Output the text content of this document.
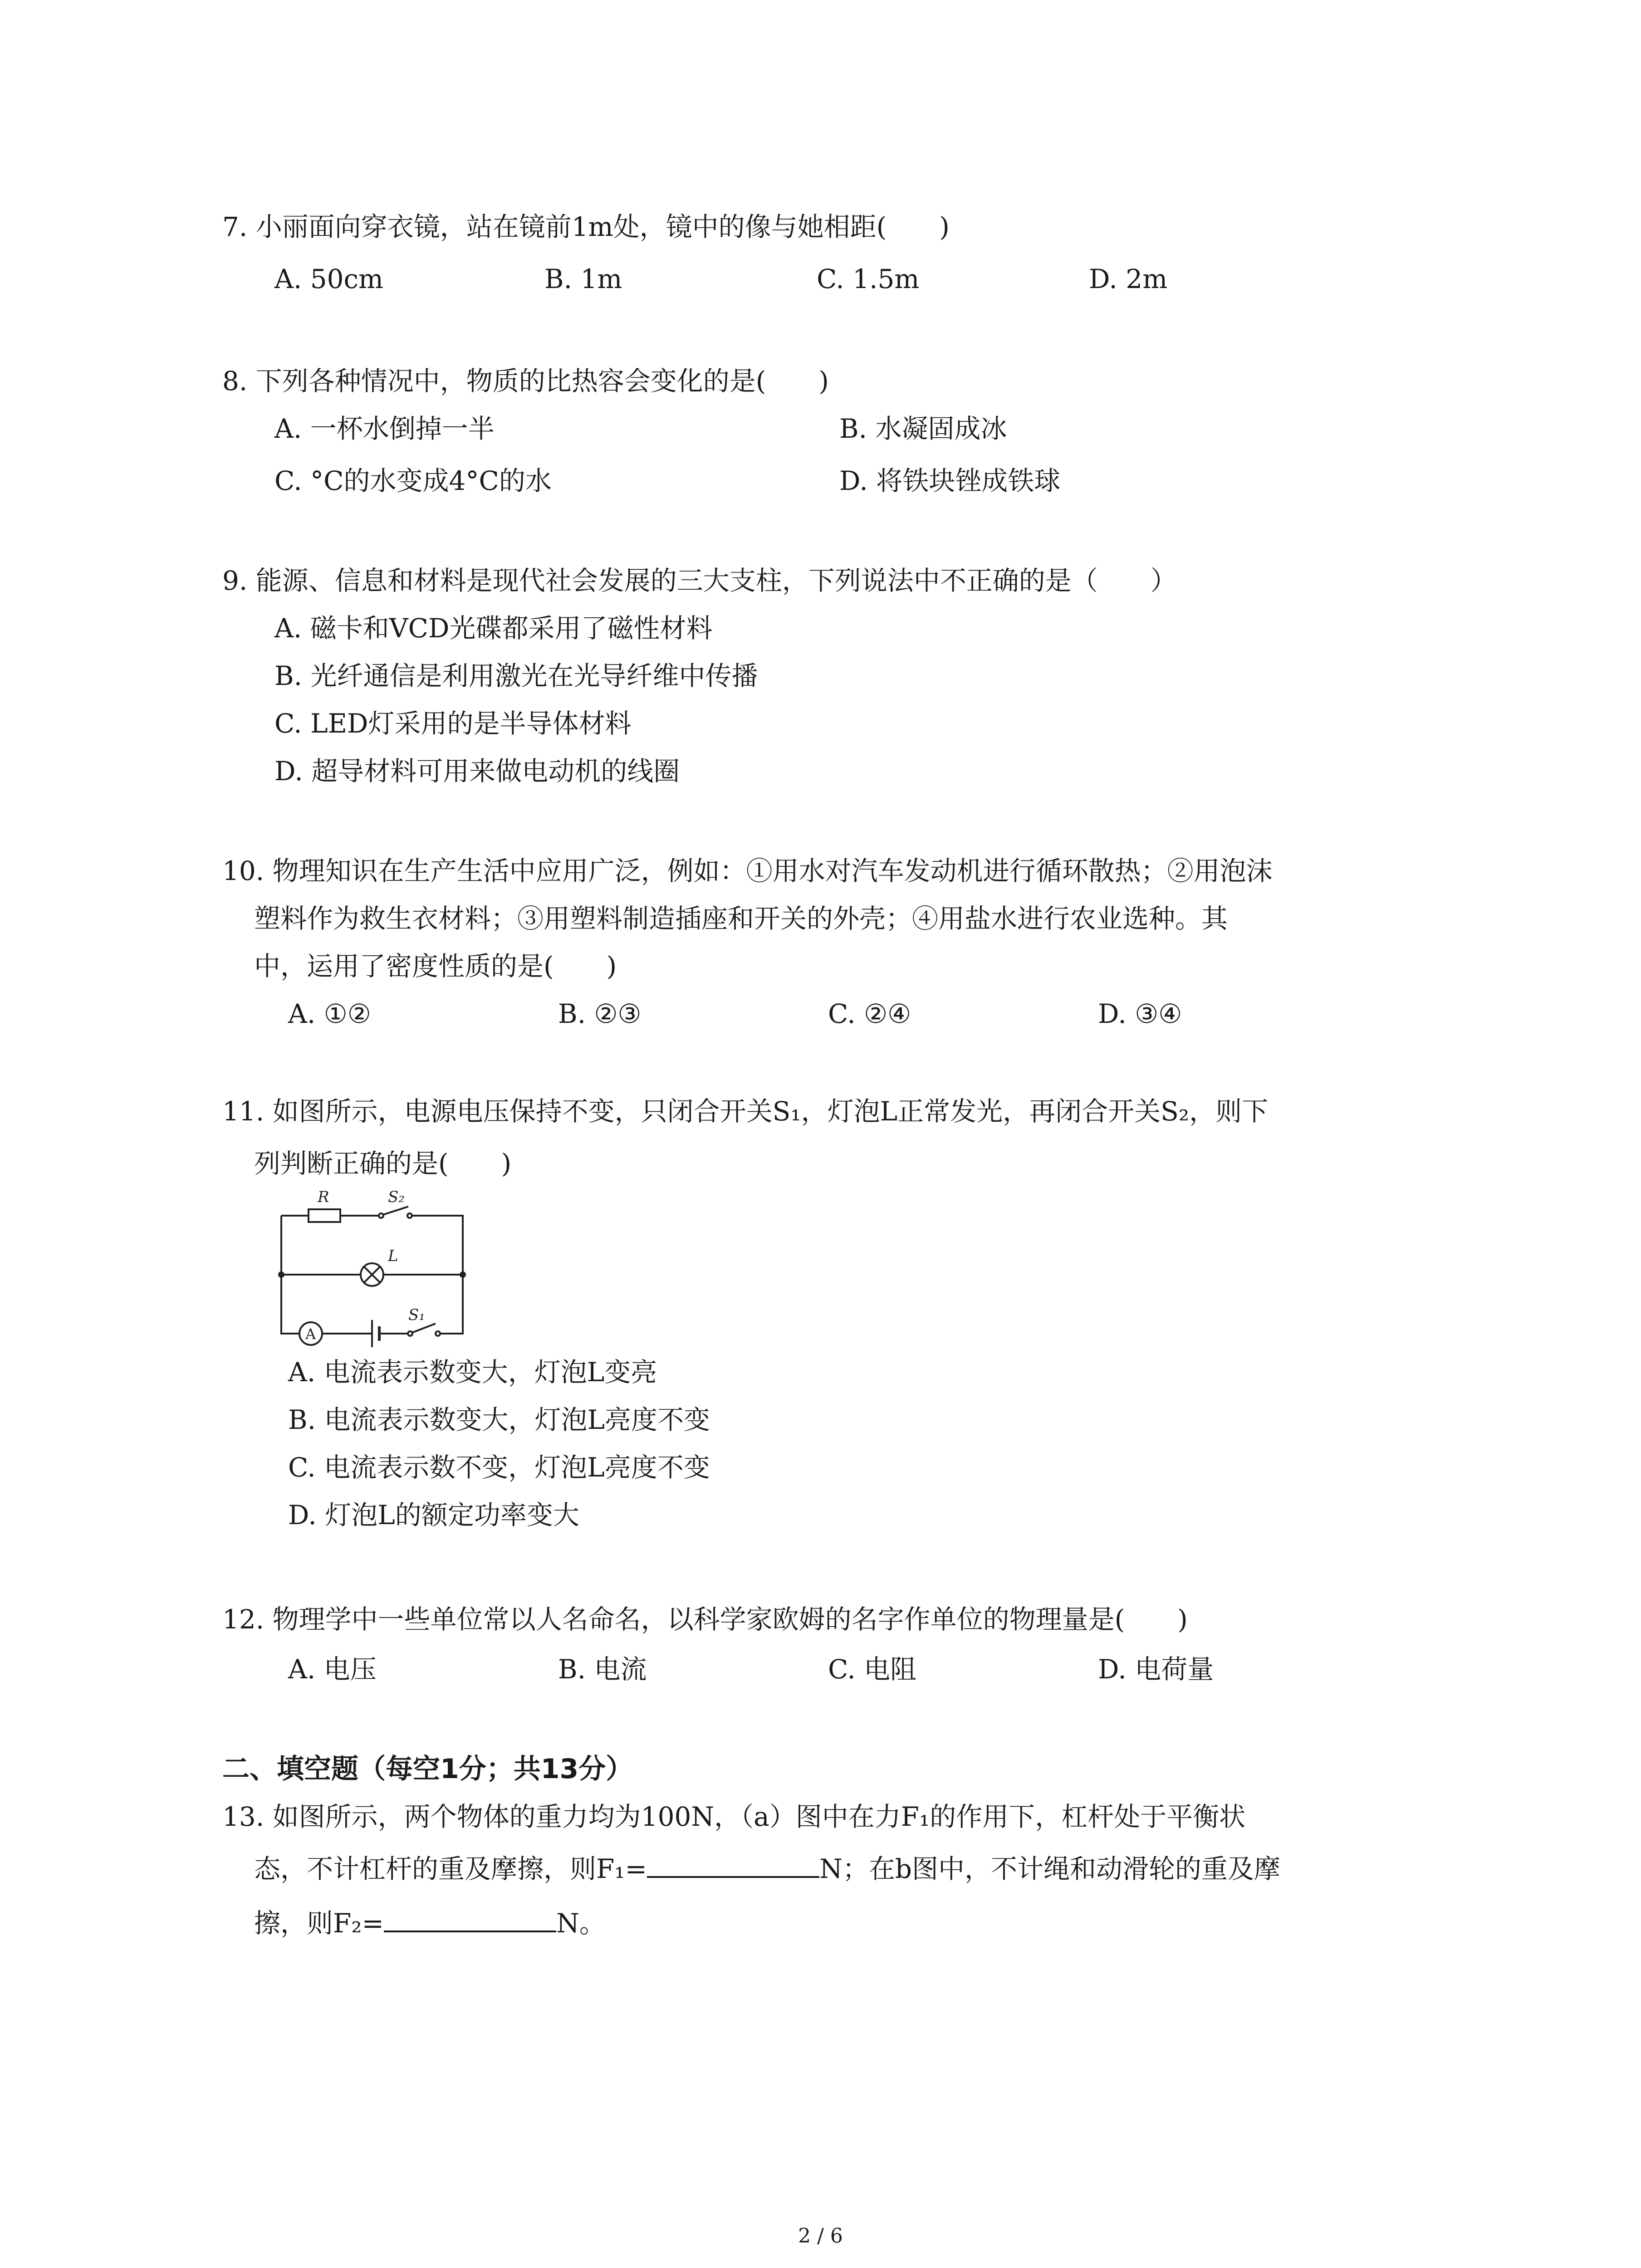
7. 小丽面向穿衣镜，站在镜前1m处，镜中的像与她相距(　　)
A. 50cm	B. 1m	C. 1.5m	D. 2m
8. 下列各种情况中，物质的比热容会变化的是(　　)
A. 一杯水倒掉一半	B. 水凝固成冰
C. °C的水变成4°C的水	D. 将铁块锉成铁球
9. 能源、信息和材料是现代社会发展的三大支柱，下列说法中不正确的是（　　）
A. 磁卡和VCD光碟都采用了磁性材料
B. 光纤通信是利用激光在光导纤维中传播
C. LED灯采用的是半导体材料
D. 超导材料可用来做电动机的线圈
10. 物理知识在生产生活中应用广泛，例如：①用水对汽车发动机进行循环散热；②用泡沫
塑料作为救生衣材料；③用塑料制造插座和开关的外壳；④用盐水进行农业选种。其
中，运用了密度性质的是(　　)
A. ①②	B. ②③	C. ②④	D. ③④
11. 如图所示，电源电压保持不变，只闭合开关S₁，灯泡L正常发光，再闭合开关S₂，则下
列判断正确的是(　　)
R	S₂
L
S₁
A
A. 电流表示数变大，灯泡L变亮
B. 电流表示数变大，灯泡L亮度不变
C. 电流表示数不变，灯泡L亮度不变
D. 灯泡L的额定功率变大
12. 物理学中一些单位常以人名命名，以科学家欧姆的名字作单位的物理量是(　　)
A. 电压	B. 电流	C. 电阻	D. 电荷量
二、填空题（每空1分；共13分）
13. 如图所示，两个物体的重力均为100N，（a）图中在力F₁的作用下，杠杆处于平衡状
态，不计杠杆的重及摩擦，则F₁=	N；在b图中，不计绳和动滑轮的重及摩
擦，则F₂=	N。
2 / 6
